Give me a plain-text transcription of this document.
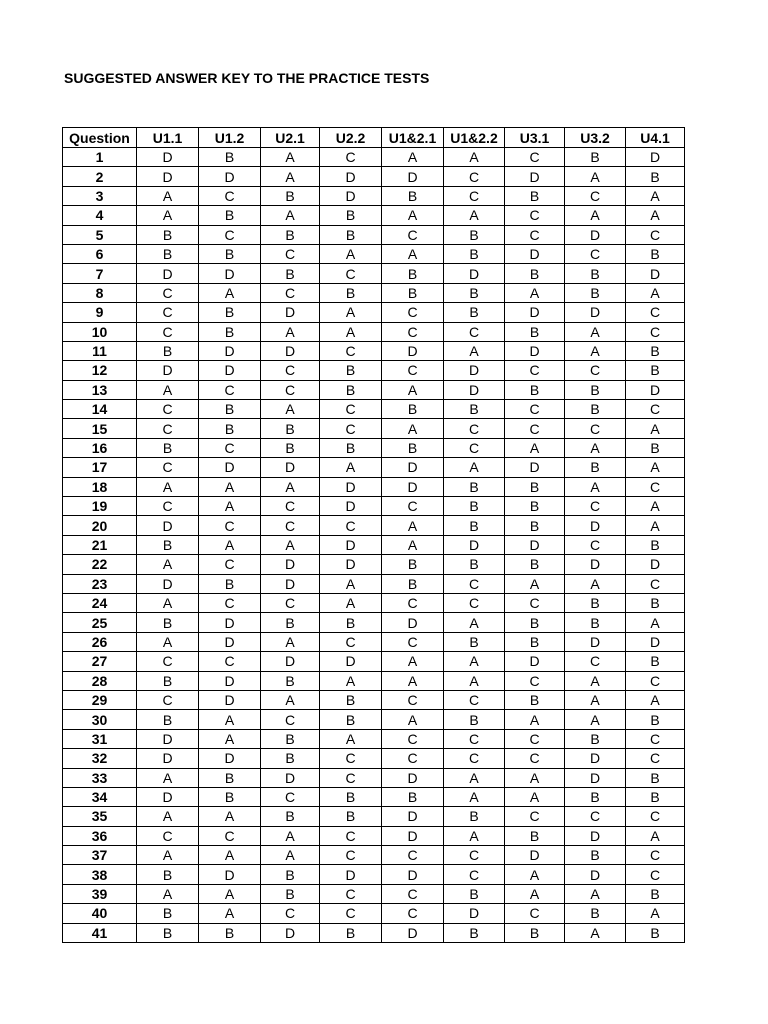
SUGGESTED ANSWER KEY TO THE PRACTICE TESTS
Question	U1.1	U1.2	U2.1	U2.2	U1&2.1	U1&2.2	U3.1	U3.2	U4.1
1	D	B	A	C	A	A	C	B	D
2	D	D	A	D	D	C	D	A	B
3	A	C	B	D	B	C	B	C	A
4	A	B	A	B	A	A	C	A	A
5	B	C	B	B	C	B	C	D	C
6	B	B	C	A	A	B	D	C	B
7	D	D	B	C	B	D	B	B	D
8	C	A	C	B	B	B	A	B	A
9	C	B	D	A	C	B	D	D	C
10	C	B	A	A	C	C	B	A	C
11	B	D	D	C	D	A	D	A	B
12	D	D	C	B	C	D	C	C	B
13	A	C	C	B	A	D	B	B	D
14	C	B	A	C	B	B	C	B	C
15	C	B	B	C	A	C	C	C	A
16	B	C	B	B	B	C	A	A	B
17	C	D	D	A	D	A	D	B	A
18	A	A	A	D	D	B	B	A	C
19	C	A	C	D	C	B	B	C	A
20	D	C	C	C	A	B	B	D	A
21	B	A	A	D	A	D	D	C	B
22	A	C	D	D	B	B	B	D	D
23	D	B	D	A	B	C	A	A	C
24	A	C	C	A	C	C	C	B	B
25	B	D	B	B	D	A	B	B	A
26	A	D	A	C	C	B	B	D	D
27	C	C	D	D	A	A	D	C	B
28	B	D	B	A	A	A	C	A	C
29	C	D	A	B	C	C	B	A	A
30	B	A	C	B	A	B	A	A	B
31	D	A	B	A	C	C	C	B	C
32	D	D	B	C	C	C	C	D	C
33	A	B	D	C	D	A	A	D	B
34	D	B	C	B	B	A	A	B	B
35	A	A	B	B	D	B	C	C	C
36	C	C	A	C	D	A	B	D	A
37	A	A	A	C	C	C	D	B	C
38	B	D	B	D	D	C	A	D	C
39	A	A	B	C	C	B	A	A	B
40	B	A	C	C	C	D	C	B	A
41	B	B	D	B	D	B	B	A	B
